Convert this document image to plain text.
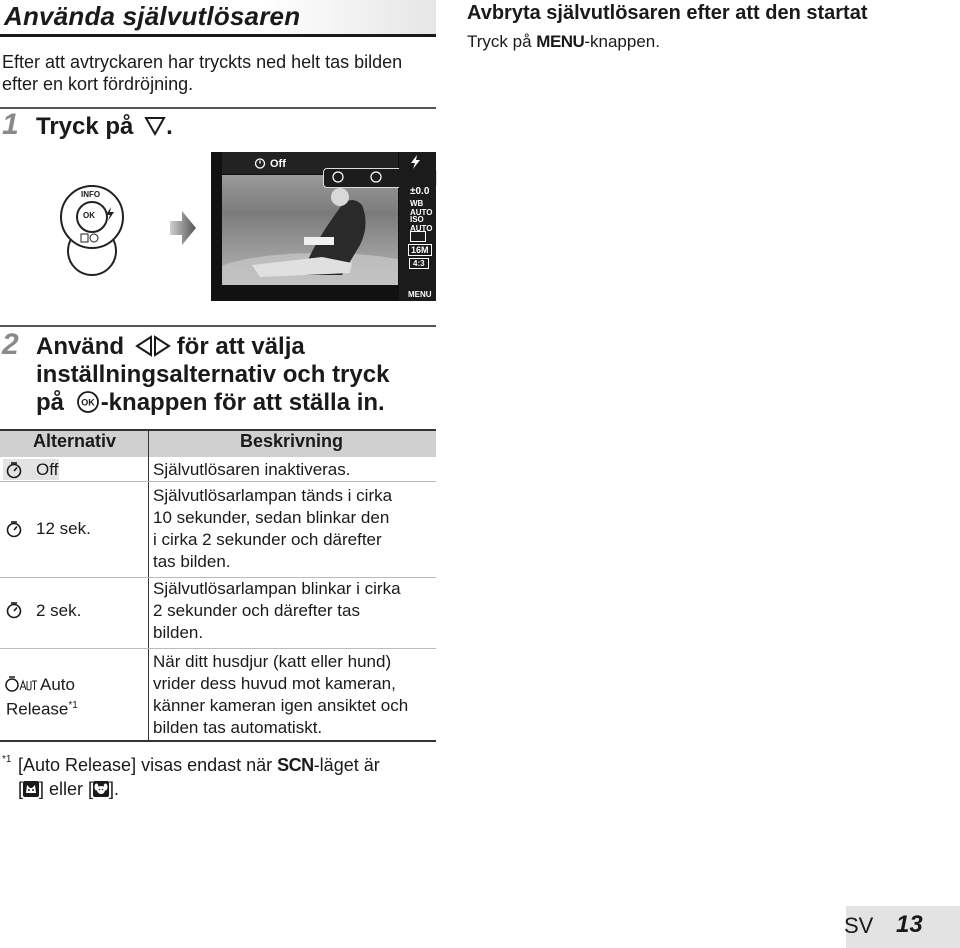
Använda självutlösaren
Efter att avtryckaren har tryckts ned helt tas bilden efter en kort fördröjning.
Avbryta självutlösaren efter att den startat
Tryck på MENU-knappen.
1 Tryck på .
INFO
OK
Off
±0.0
WB AUTO
ISO AUTO
16M
4:3
MENU
2 Använd för att välja
inställningsalternativ och tryck
på OK -knappen för att ställa in.
Alternativ	Beskrivning
Off	Självutlösaren inaktiveras.
12 sek.
Självutlösarlampan tänds i cirka
10 sekunder, sedan blinkar den
i cirka 2 sekunder och därefter
tas bilden.
2 sek.
Självutlösarlampan blinkar i cirka
2 sekunder och därefter tas
bilden.
Auto
Release$^{*1}$
När ditt husdjur (katt eller hund)
vrider dess huvud mot kameran,
känner kameran igen ansiktet och
bilden tas automatiskt.
*1 [Auto Release] visas endast när SCN-läget är
[ ] eller [ ].
SV 13
